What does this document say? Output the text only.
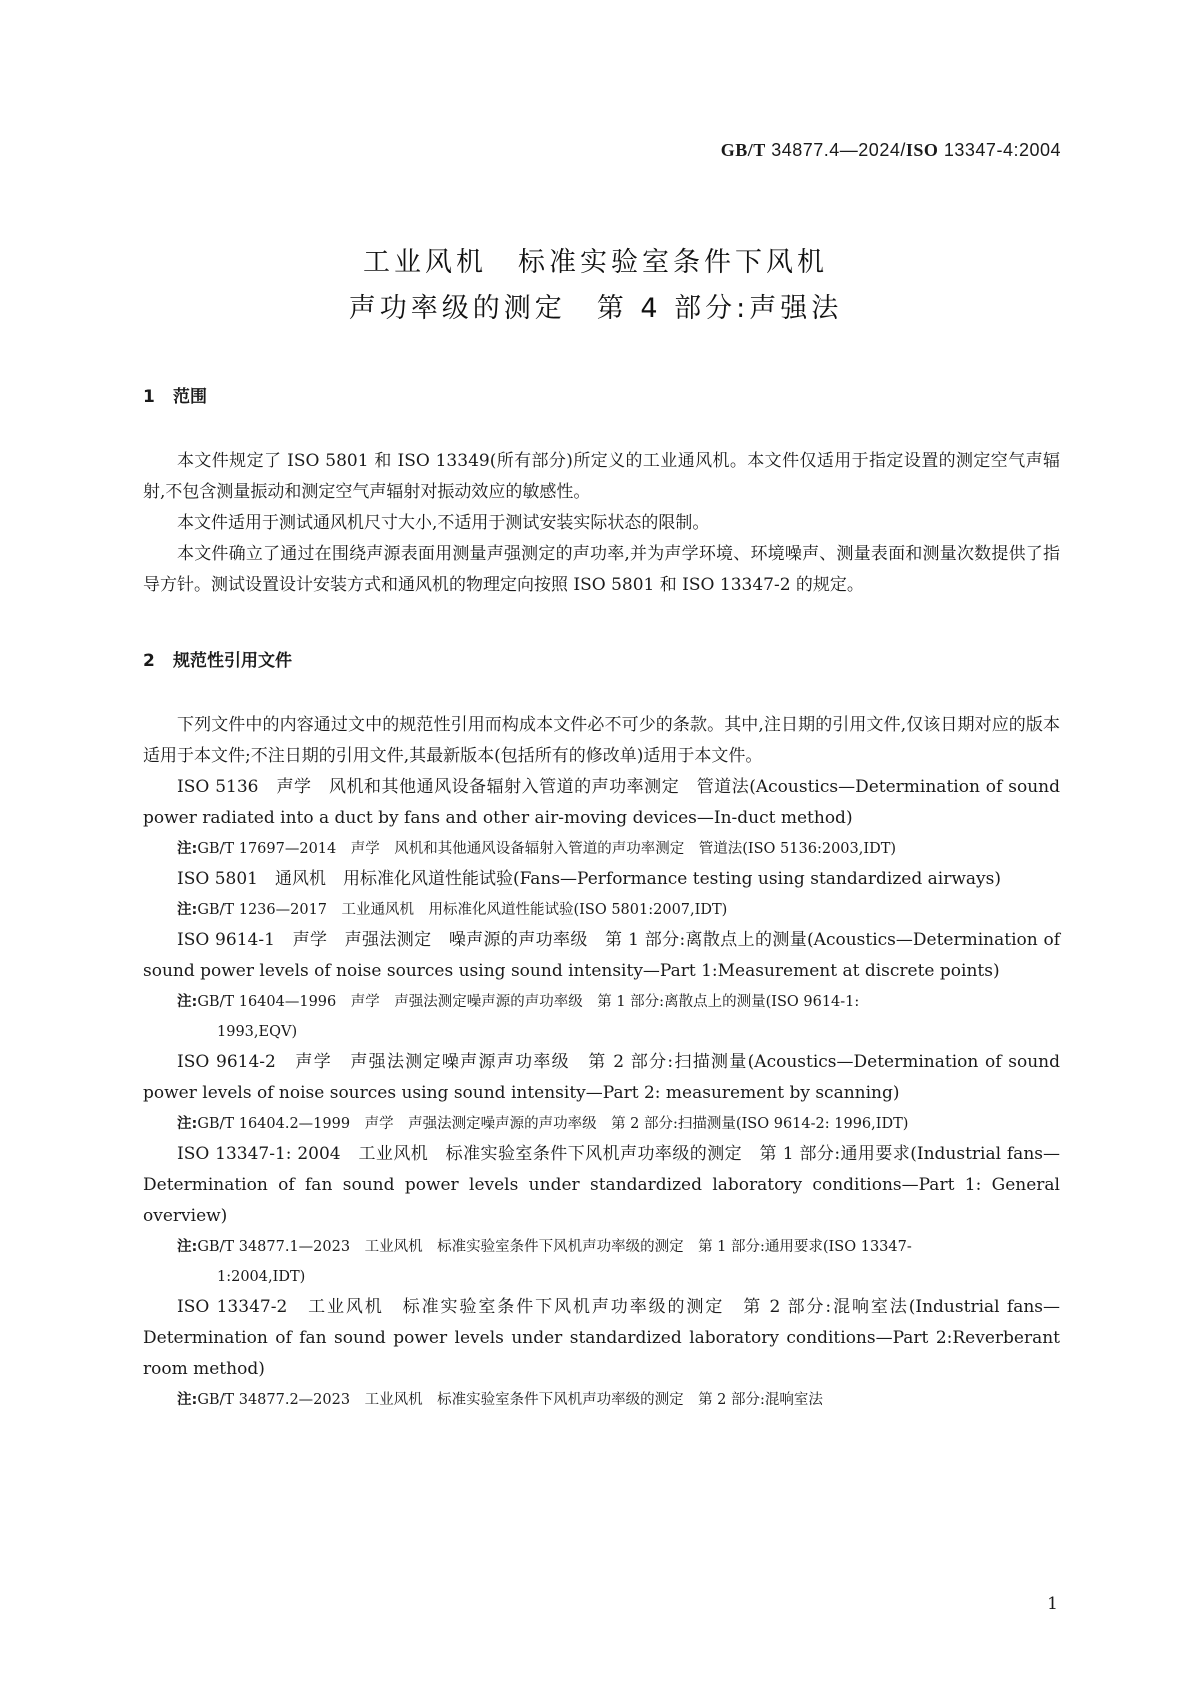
GB/T 34877.4—2024/ISO 13347-4:2004
工业风机　标准实验室条件下风机
声功率级的测定　第 4 部分:声强法
1 范围

本文件规定了 ISO 5801 和 ISO 13349(所有部分)所定义的工业通风机。本文件仅适用于指定设置的测定空气声辐射,不包含测量振动和测定空气声辐射对振动效应的敏感性。

本文件适用于测试通风机尺寸大小,不适用于测试安装实际状态的限制。

本文件确立了通过在围绕声源表面用测量声强测定的声功率,并为声学环境、环境噪声、测量表面和测量次数提供了指导方针。测试设置设计安装方式和通风机的物理定向按照 ISO 5801 和 ISO 13347-2 的规定。

2 规范性引用文件

下列文件中的内容通过文中的规范性引用而构成本文件必不可少的条款。其中,注日期的引用文件,仅该日期对应的版本适用于本文件;不注日期的引用文件,其最新版本(包括所有的修改单)适用于本文件。

ISO 5136　声学　风机和其他通风设备辐射入管道的声功率测定　管道法(Acoustics—Determination of sound power radiated into a duct by fans and other air-moving devices—In-duct method)

注:GB/T 17697—2014　声学　风机和其他通风设备辐射入管道的声功率测定　管道法(ISO 5136:2003,IDT)

ISO 5801　通风机　用标准化风道性能试验(Fans—Performance testing using standardized airways)

注:GB/T 1236—2017　工业通风机　用标准化风道性能试验(ISO 5801:2007,IDT)

ISO 9614-1　声学　声强法测定　噪声源的声功率级　第 1 部分:离散点上的测量(Acoustics—Determination of sound power levels of noise sources using sound intensity—Part 1:Measurement at discrete points)

注:GB/T 16404—1996　声学　声强法测定噪声源的声功率级　第 1 部分:离散点上的测量(ISO 9614-1:
1993,EQV)

ISO 9614-2　声学　声强法测定噪声源声功率级　第 2 部分:扫描测量(Acoustics—Determination of sound power levels of noise sources using sound intensity—Part 2: measurement by scanning)

注:GB/T 16404.2—1999　声学　声强法测定噪声源的声功率级　第 2 部分:扫描测量(ISO 9614-2: 1996,IDT)

ISO 13347-1: 2004　工业风机　标准实验室条件下风机声功率级的测定　第 1 部分:通用要求(Industrial fans—Determination of fan sound power levels under standardized laboratory conditions—Part 1: General overview)

注:GB/T 34877.1—2023　工业风机　标准实验室条件下风机声功率级的测定　第 1 部分:通用要求(ISO 13347-
1:2004,IDT)

ISO 13347-2　工业风机　标准实验室条件下风机声功率级的测定　第 2 部分:混响室法(Industrial fans—Determination of fan sound power levels under standardized laboratory conditions—Part 2:Reverberant room method)

注:GB/T 34877.2—2023　工业风机　标准实验室条件下风机声功率级的测定　第 2 部分:混响室法

1
